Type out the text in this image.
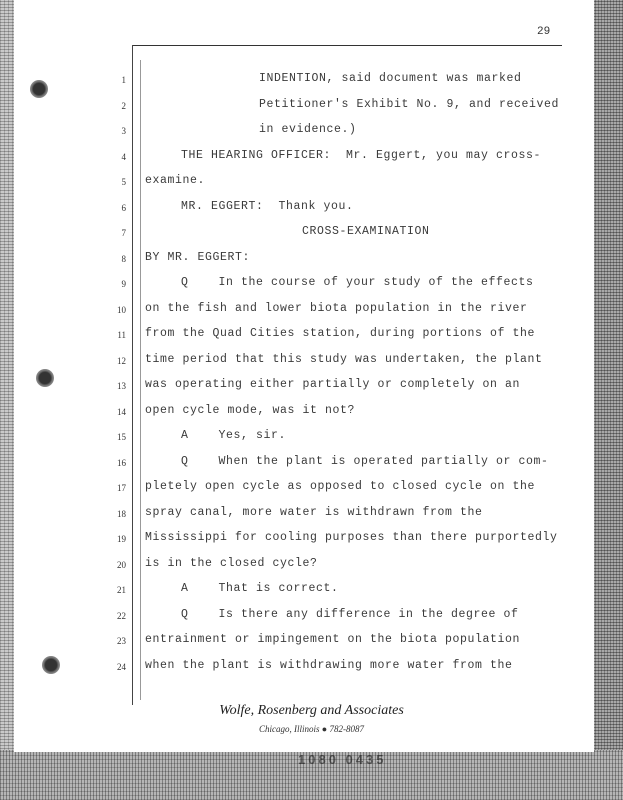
29
1	INDENTION, said document was marked
2	Petitioner's Exhibit No. 9, and received
3	in evidence.)
4	THE HEARING OFFICER:  Mr. Eggert, you may cross-
5 examine.
6	MR. EGGERT:  Thank you.
7	CROSS-EXAMINATION
8 BY MR. EGGERT:
9	Q    In the course of your study of the effects
10 on the fish and lower biota population in the river
11 from the Quad Cities station, during portions of the
12 time period that this study was undertaken, the plant
13 was operating either partially or completely on an
14 open cycle mode, was it not?
15	A    Yes, sir.
16	Q    When the plant is operated partially or com-
17 pletely open cycle as opposed to closed cycle on the
18 spray canal, more water is withdrawn from the
19 Mississippi for cooling purposes than there purportedly
20 is in the closed cycle?
21	A    That is correct.
22	Q    Is there any difference in the degree of
23 entrainment or impingement on the biota population
24 when the plant is withdrawing more water from the
Wolfe, Rosenberg and Associates
Chicago, Illinois ● 782-8087
1080 0435
